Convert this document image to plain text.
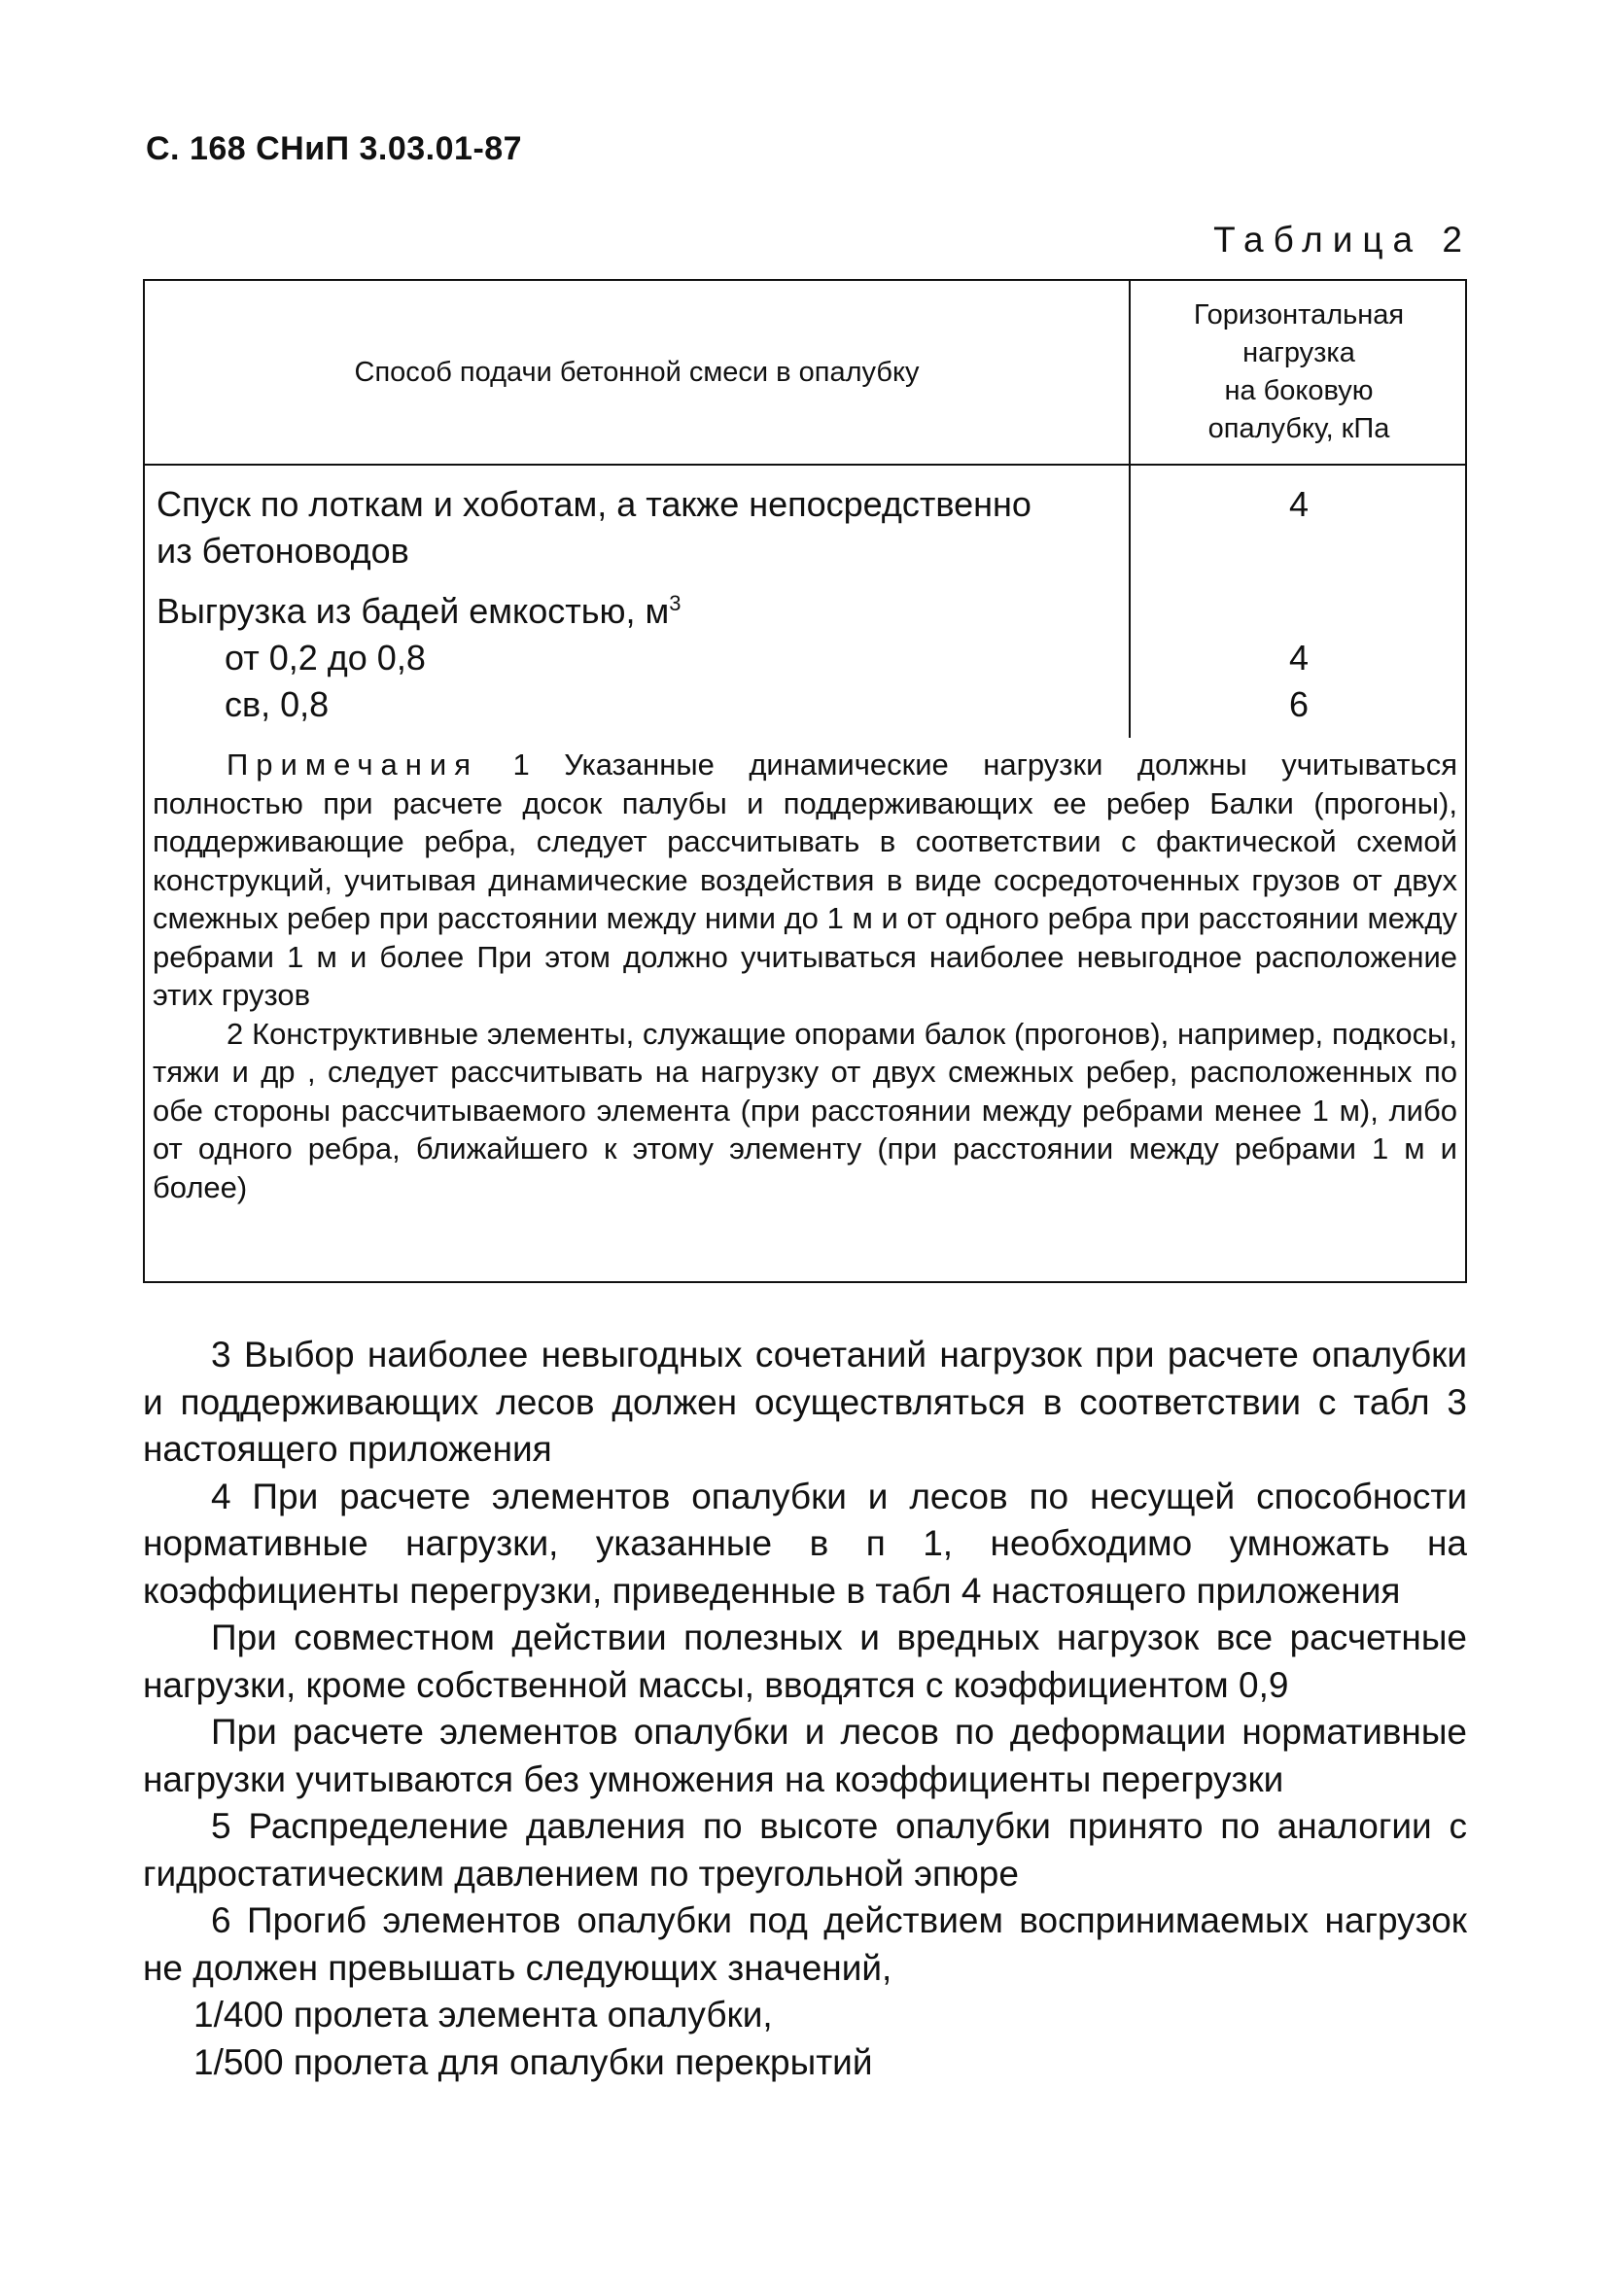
С. 168 СНиП 3.03.01-87
Таблица 2
Способ подачи бетонной смеси в опалубку
Горизонтальная
нагрузка
на боковую
опалубку, кПа
Спуск по лоткам и хоботам, а также непосредственно
из бетоноводов
4
Выгрузка из бадей емкостью, $м^3$
от 0,2 до 0,8	4
св, 0,8	6

Примечания 1 Указанные динамические нагрузки должны учитываться полностью при расчете досок палубы и поддерживающих ее ребер Балки (прогоны), поддерживающие ребра, следует рассчитывать в соответствии с фактической схемой конструкций, учитывая динамические воздействия в виде сосредоточенных грузов от двух смежных ребер при расстоянии между ними до 1 м и от одного ребра при расстоянии между ребрами 1 м и более При этом должно учитываться наиболее невыгодное расположение этих грузов

2 Конструктивные элементы, служащие опорами балок (прогонов), например, подкосы, тяжи и др , следует рассчитывать на нагрузку от двух смежных ребер, расположенных по обе стороны рассчитываемого элемента (при расстоянии между ребрами менее 1 м), либо от одного ребра, ближайшего к этому элементу (при расстоянии между ребрами 1 м и более)

3 Выбор наиболее невыгодных сочетаний нагрузок при расчете опалубки и поддерживающих лесов должен осуществляться в соответствии с табл 3 настоящего приложения

4 При расчете элементов опалубки и лесов по несущей способности нормативные нагрузки, указанные в п 1, необходимо умножать на коэффициенты перегрузки, приведенные в табл 4 настоящего приложения

При совместном действии полезных и вредных нагрузок все расчетные нагрузки, кроме собственной массы, вводятся с коэффициентом 0,9

При расчете элементов опалубки и лесов по деформации нормативные нагрузки учитываются без умножения на коэффициенты перегрузки

5 Распределение давления по высоте опалубки принято по аналогии с гидростатическим давлением по треугольной эпюре

6 Прогиб элементов опалубки под действием воспринимаемых нагрузок не должен превышать следующих значений,

1/400 пролета элемента опалубки,

1/500 пролета для опалубки перекрытий
